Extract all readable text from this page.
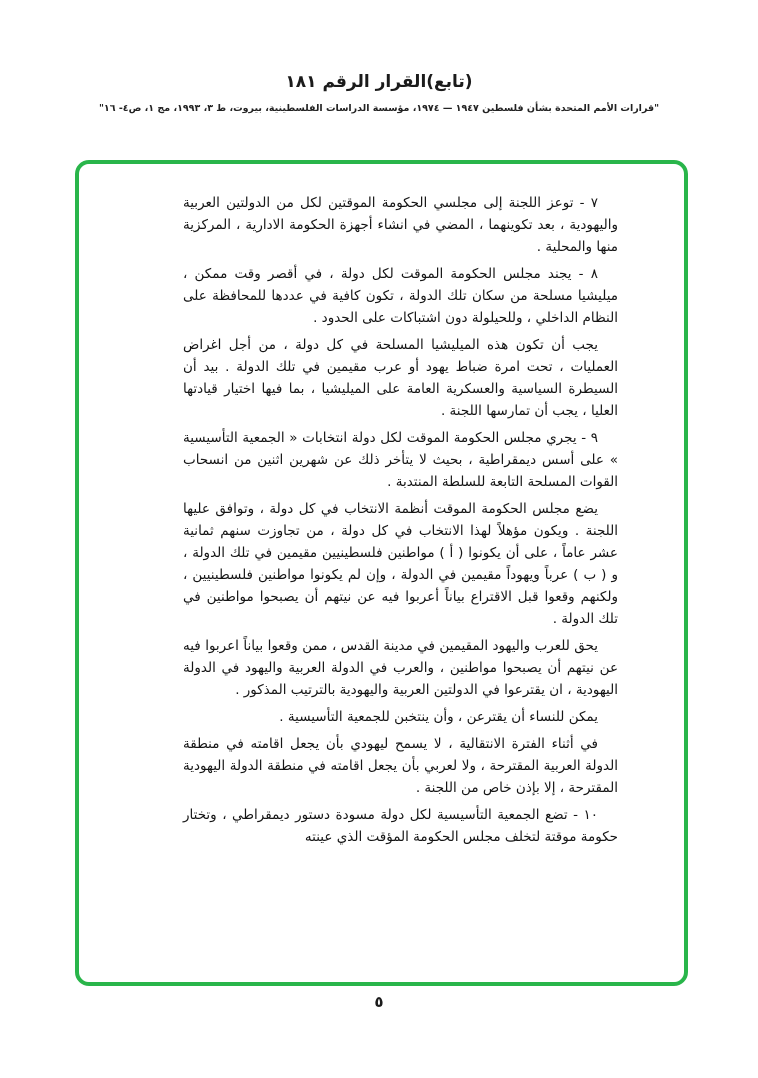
(تابع)القرار الرقم ١٨١
"قرارات الأمم المتحدة بشأن فلسطين ١٩٤٧ — ١٩٧٤، مؤسسة الدراسات الفلسطينية، بيروت، ط ٣، ١٩٩٣، مج ١، ص٤- ١٦"

٧ - توعز اللجنة إلى مجلسي الحكومة الموقتين لكل من الدولتين العربية واليهودية ، بعد تكوينهما ، المضي في انشاء أجهزة الحكومة الادارية ، المركزية منها والمحلية .

٨ - يجند مجلس الحكومة الموقت لكل دولة ، في أقصر وقت ممكن ، ميليشيا مسلحة من سكان تلك الدولة ، تكون كافية في عددها للمحافظة على النظام الداخلي ، وللحيلولة دون اشتباكات على الحدود .

يجب أن تكون هذه الميليشيا المسلحة في كل دولة ، من أجل اغراض العمليات ، تحت امرة ضباط يهود أو عرب مقيمين في تلك الدولة . بيد أن السيطرة السياسية والعسكرية العامة على الميليشيا ، بما فيها اختيار قيادتها العليا ، يجب أن تمارسها اللجنة .

٩ - يجري مجلس الحكومة الموقت لكل دولة انتخابات « الجمعية التأسيسية » على أسس ديمقراطية ، بحيث لا يتأخر ذلك عن شهرين اثنين من انسحاب القوات المسلحة التابعة للسلطة المنتدبة .

يضع مجلس الحكومة الموقت أنظمة الانتخاب في كل دولة ، وتوافق عليها اللجنة . ويكون مؤهلاً لهذا الانتخاب في كل دولة ، من تجاوزت سنهم ثمانية عشر عاماً ، على أن يكونوا ( أ ) مواطنين فلسطينيين مقيمين في تلك الدولة ، و ( ب ) عرباً ويهوداً مقيمين في الدولة ، وإن لم يكونوا مواطنين فلسطينيين ، ولكنهم وقعوا قبل الاقتراع بياناً أعربوا فيه عن نيتهم أن يصبحوا مواطنين في تلك الدولة .

يحق للعرب واليهود المقيمين في مدينة القدس ، ممن وقعوا بياناً اعربوا فيه عن نيتهم أن يصبحوا مواطنين ، والعرب في الدولة العربية واليهود في الدولة اليهودية ، ان يقترعوا في الدولتين العربية واليهودية بالترتيب المذكور .

يمكن للنساء أن يقترعن ، وأن ينتخبن للجمعية التأسيسية .

في أثناء الفترة الانتقالية ، لا يسمح ليهودي بأن يجعل اقامته في منطقة الدولة العربية المقترحة ، ولا لعربي بأن يجعل اقامته في منطقة الدولة اليهودية المقترحة ، إلا بإذن خاص من اللجنة .

١٠ - تضع الجمعية التأسيسية لكل دولة مسودة دستور ديمقراطي ، وتختار حكومة موقتة لتخلف مجلس الحكومة المؤقت الذي عينته

٥
